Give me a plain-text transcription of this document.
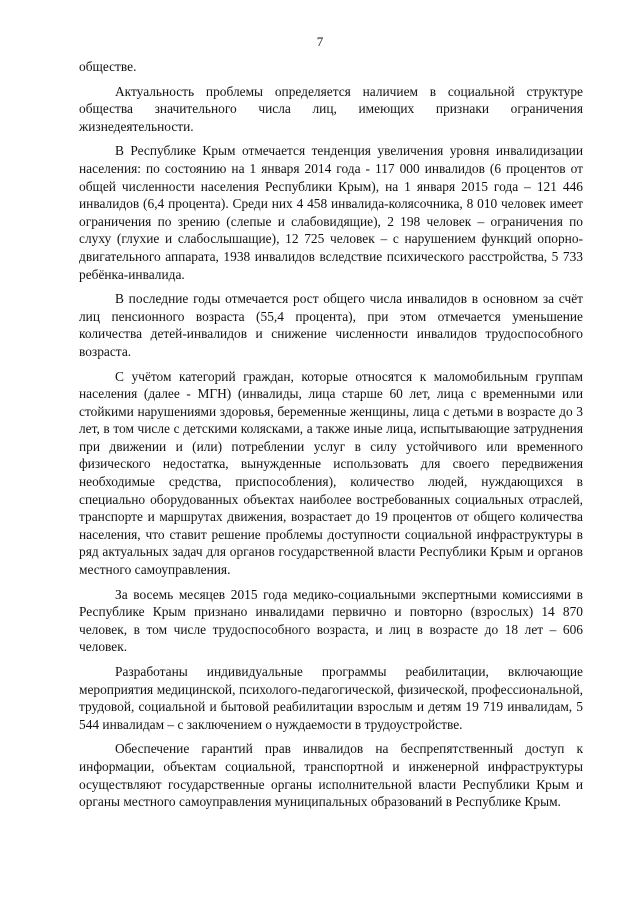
7

обществе.

Актуальность проблемы определяется наличием в социальной структуре общества значительного числа лиц, имеющих признаки ограничения жизнедеятельности.

В Республике Крым отмечается тенденция увеличения уровня инвалидизации населения: по состоянию на 1 января 2014 года - 117 000 инвалидов (6 процентов от общей численности населения Республики Крым), на 1 января 2015 года – 121 446 инвалидов (6,4 процента). Среди них 4 458 инвалида-колясочника, 8 010 человек имеет ограничения по зрению (слепые и слабовидящие), 2 198 человек – ограничения по слуху (глухие и слабослышащие), 12 725 человек – с нарушением функций опорно-двигательного аппарата, 1938 инвалидов вследствие психического расстройства, 5 733 ребёнка-инвалида.

В последние годы отмечается рост общего числа инвалидов в основном за счёт лиц пенсионного возраста (55,4 процента), при этом отмечается уменьшение количества детей-инвалидов и снижение численности инвалидов трудоспособного возраста.

С учётом категорий граждан, которые относятся к маломобильным группам населения (далее - МГН) (инвалиды, лица старше 60 лет, лица с временными или стойкими нарушениями здоровья, беременные женщины, лица с детьми в возрасте до 3 лет, в том числе с детскими колясками, а также иные лица, испытывающие затруднения при движении и (или) потреблении услуг в силу устойчивого или временного физического недостатка, вынужденные использовать для своего передвижения необходимые средства, приспособления), количество людей, нуждающихся в специально оборудованных объектах наиболее востребованных социальных отраслей, транспорте и маршрутах движения, возрастает до 19 процентов от общего количества населения, что ставит решение проблемы доступности социальной инфраструктуры в ряд актуальных задач для органов государственной власти Республики Крым и органов местного самоуправления.

За восемь месяцев 2015 года медико-социальными экспертными комиссиями в Республике Крым признано инвалидами первично и повторно (взрослых) 14 870 человек, в том числе трудоспособного возраста, и лиц в возрасте до 18 лет – 606 человек.

Разработаны индивидуальные программы реабилитации, включающие мероприятия медицинской, психолого-педагогической, физической, профессиональной, трудовой, социальной и бытовой реабилитации взрослым и детям 19 719 инвалидам, 5 544 инвалидам – с заключением о нуждаемости в трудоустройстве.

Обеспечение гарантий прав инвалидов на беспрепятственный доступ к информации, объектам социальной, транспортной и инженерной инфраструктуры осуществляют государственные органы исполнительной власти Республики Крым и органы местного самоуправления муниципальных образований в Республике Крым.
